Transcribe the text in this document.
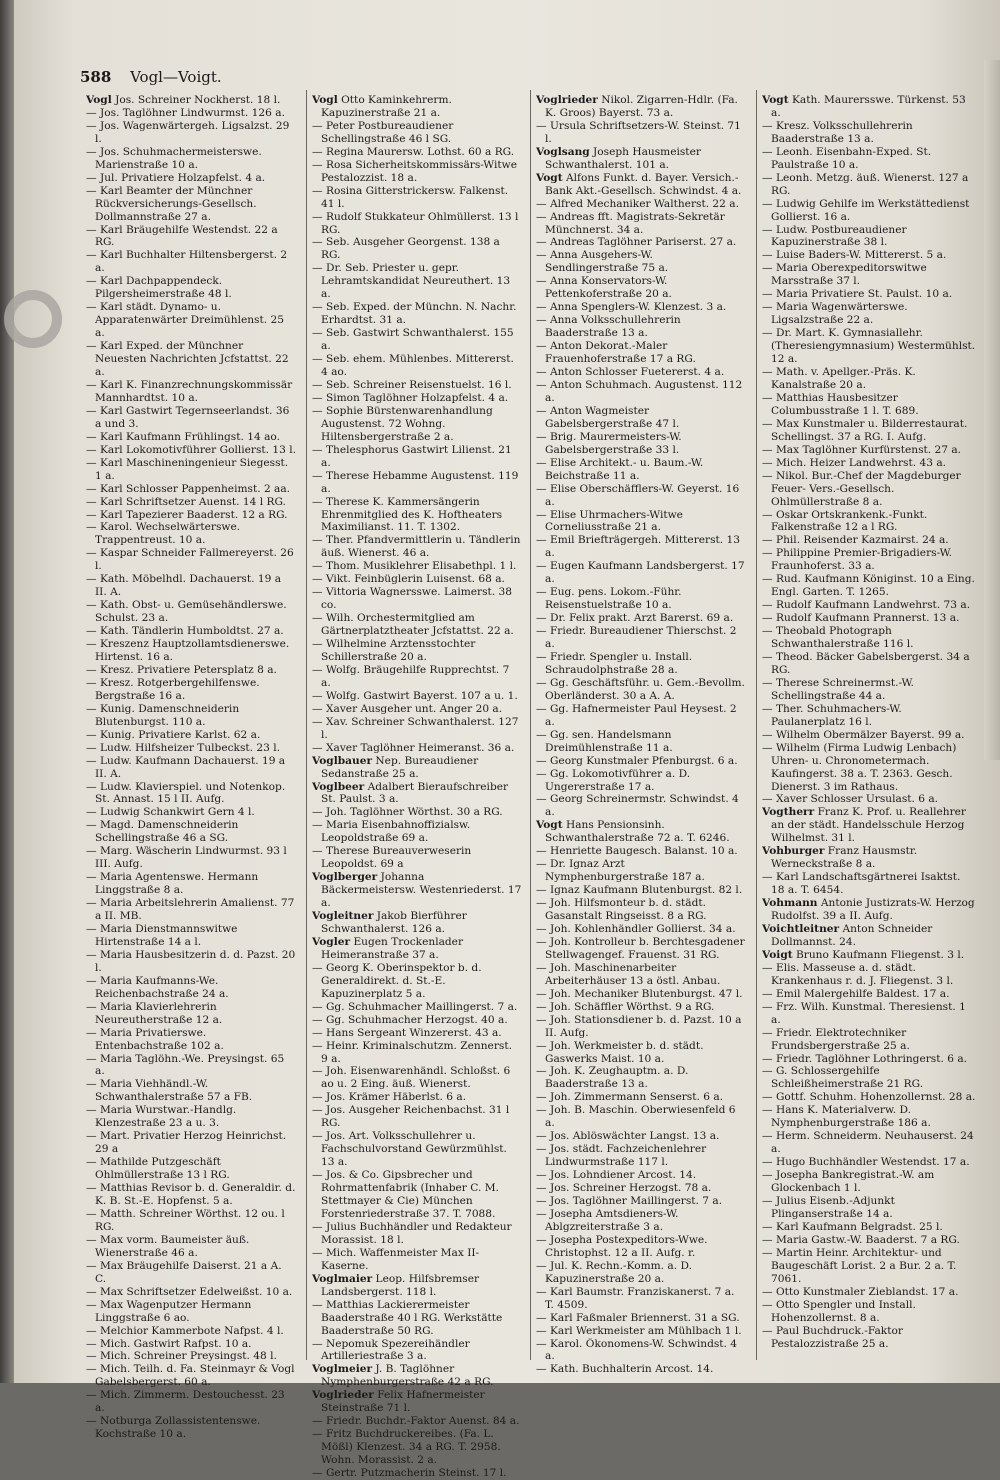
588 Vogl—Voigt.

Vogl Jos. Schreiner Nockherst. 18 l.

— Jos. Taglöhner Lindwurmst. 126 a.

— Jos. Wagenwärtergeh. Ligsalzst. 29 l.

— Jos. Schuhmachermeisterswe. Marienstraße 10 a.

— Jul. Privatiere Holzapfelst. 4 a.

— Karl Beamter der Münchner Rückversicherungs-Gesellsch. Dollmannstraße 27 a.

— Karl Bräugehilfe Westendst. 22 a RG.

— Karl Buchhalter Hiltensbergerst. 2 a.

— Karl Dachpappendeck. Pilgersheimerstraße 48 l.

— Karl städt. Dynamo- u. Apparatenwärter Dreimühlenst. 25 a.

— Karl Exped. der Münchner Neuesten Nachrichten Jcfstattst. 22 a.

— Karl K. Finanzrechnungskommissär Mannhardtst. 10 a.

— Karl Gastwirt Tegernseerlandst. 36 a und 3.

— Karl Kaufmann Frühlingst. 14 ao.

— Karl Lokomotivführer Gollierst. 13 l.

— Karl Maschineningenieur Siegesst. 1 a.

— Karl Schlosser Pappenheimst. 2 aa.

— Karl Schriftsetzer Auenst. 14 l RG.

— Karl Tapezierer Baaderst. 12 a RG.

— Karol. Wechselwärterswe. Trappentreust. 10 a.

— Kaspar Schneider Fallmereyerst. 26 l.

— Kath. Möbelhdl. Dachauerst. 19 a II. A.

— Kath. Obst- u. Gemüsehändlerswe. Schulst. 23 a.

— Kath. Tändlerin Humboldtst. 27 a.

— Kreszenz Hauptzollamtsdienerswe. Hirtenst. 16 a.

— Kresz. Privatiere Petersplatz 8 a.

— Kresz. Rotgerbergehilfenswe. Bergstraße 16 a.

— Kunig. Damenschneiderin Blutenburgst. 110 a.

— Kunig. Privatiere Karlst. 62 a.

— Ludw. Hilfsheizer Tulbeckst. 23 l.

— Ludw. Kaufmann Dachauerst. 19 a II. A.

— Ludw. Klavierspiel. und Notenkop. St. Annast. 15 l II. Aufg.

— Ludwig Schankwirt Gern 4 l.

— Magd. Damenschneiderin Schellingstraße 46 a SG.

— Marg. Wäscherin Lindwurmst. 93 l III. Aufg.

— Maria Agentenswe. Hermann Linggstraße 8 a.

— Maria Arbeitslehrerin Amalienst. 77 a II. MB.

— Maria Dienstmannswitwe Hirtenstraße 14 a l.

— Maria Hausbesitzerin d. d. Pazst. 20 l.

— Maria Kaufmanns-We. Reichenbachstraße 24 a.

— Maria Klavierlehrerin Neureutherstraße 12 a.

— Maria Privatierswe. Entenbachstraße 102 a.

— Maria Taglöhn.-We. Preysingst. 65 a.

— Maria Viehhändl.-W. Schwanthalerstraße 57 a FB.

— Maria Wurstwar.-Handlg. Klenzestraße 23 a u. 3.

— Mart. Privatier Herzog Heinrichst. 29 a

— Mathilde Putzgeschäft Ohlmüllerstraße 13 l RG.

— Matthias Revisor b. d. Generaldir. d. K. B. St.-E. Hopfenst. 5 a.

— Matth. Schreiner Wörthst. 12 ou. l RG.

— Max vorm. Baumeister äuß. Wienerstraße 46 a.

— Max Bräugehilfe Daiserst. 21 a A. C.

— Max Schriftsetzer Edelweißst. 10 a.

— Max Wagenputzer Hermann Linggstraße 6 ao.

— Melchior Kammerbote Nafpst. 4 l.

— Mich. Gastwirt Rafpst. 10 a.

— Mich. Schreiner Preysingst. 48 l.

— Mich. Teilh. d. Fa. Steinmayr & Vogl Gabelsbergerst. 60 a.

— Mich. Zimmerm. Destouchesst. 23 a.

— Notburga Zollassistentenswe. Kochstraße 10 a.

Vogl Otto Kaminkehrerm. Kapuzinerstraße 21 a.

— Peter Postbureaudiener Schellingstraße 46 l SG.

— Regina Maurersw. Lothst. 60 a RG.

— Rosa Sicherheitskommissärs-Witwe Pestalozzist. 18 a.

— Rosina Gitterstrickersw. Falkenst. 41 l.

— Rudolf Stukkateur Ohlmüllerst. 13 l RG.

— Seb. Ausgeher Georgenst. 138 a RG.

— Dr. Seb. Priester u. gepr. Lehramtskandidat Neureuthert. 13 a.

— Seb. Exped. der Münchn. N. Nachr. Erhardtst. 31 a.

— Seb. Gastwirt Schwanthalerst. 155 a.

— Seb. ehem. Mühlenbes. Mittererst. 4 ao.

— Seb. Schreiner Reisenstuelst. 16 l.

— Simon Taglöhner Holzapfelst. 4 a.

— Sophie Bürstenwarenhandlung Augustenst. 72 Wohng. Hiltensbergerstraße 2 a.

— Thelesphorus Gastwirt Lilienst. 21 a.

— Therese Hebamme Augustenst. 119 a.

— Therese K. Kammersängerin Ehrenmitglied des K. Hoftheaters Maximilianst. 11. T. 1302.

— Ther. Pfandvermittlerin u. Tändlerin äuß. Wienerst. 46 a.

— Thom. Musiklehrer Elisabethpl. 1 l.

— Vikt. Feinbüglerin Luisenst. 68 a.

— Vittoria Wagnersswe. Laimerst. 38 co.

— Wilh. Orchestermitglied am Gärtnerplatztheater Jcfstattst. 22 a.

— Wilhelmine Arztensstochter Schillerstraße 20 a.

— Wolfg. Bräugehilfe Rupprechtst. 7 a.

— Wolfg. Gastwirt Bayerst. 107 a u. 1.

— Xaver Ausgeher unt. Anger 20 a.

— Xav. Schreiner Schwanthalerst. 127 l.

— Xaver Taglöhner Heimeranst. 36 a.

Voglbauer Nep. Bureaudiener Sedanstraße 25 a.

Voglbeer Adalbert Bieraufschreiber St. Paulst. 3 a.

— Joh. Taglöhner Wörthst. 30 a RG.

— Maria Eisenbahnoffizialsw. Leopoldstraße 69 a.

— Therese Bureauverweserin Leopoldst. 69 a

Voglberger Johanna Bäckermeistersw. Westenriederst. 17 a.

Vogleitner Jakob Bierführer Schwanthalerst. 126 a.

Vogler Eugen Trockenlader Heimeranstraße 37 a.

— Georg K. Oberinspektor b. d. Generaldirekt. d. St.-E. Kapuzinerplatz 5 a.

— Gg. Schuhmacher Maillingerst. 7 a.

— Gg. Schuhmacher Herzogst. 40 a.

— Hans Sergeant Winzererst. 43 a.

— Heinr. Kriminalschutzm. Zennerst. 9 a.

— Joh. Eisenwarenhändl. Schloßst. 6 ao u. 2 Eing. äuß. Wienerst.

— Jos. Krämer Häberlst. 6 a.

— Jos. Ausgeher Reichenbachst. 31 l RG.

— Jos. Art. Volksschullehrer u. Fachschulvorstand Gewürzmühlst. 13 a.

— Jos. & Co. Gipsbrecher und Rohrmattenfabrik (Inhaber C. M. Stettmayer & Cie) München Forstenriederstraße 37. T. 7088.

— Julius Buchhändler und Redakteur Morassist. 18 l.

— Mich. Waffenmeister Max II-Kaserne.

Voglmaier Leop. Hilfsbremser Landsbergerst. 118 l.

— Matthias Lackierermeister Baaderstraße 40 l RG. Werkstätte Baaderstraße 50 RG.

— Nepomuk Spezereihändler Artilleriestraße 3 a.

Voglmeier J. B. Taglöhner Nymphenburgerstraße 42 a RG.

Voglrieder Felix Hafnermeister Steinstraße 71 l.

— Friedr. Buchdr.-Faktor Auenst. 84 a.

— Fritz Buchdruckereibes. (Fa. L. Mößl) Klenzest. 34 a RG. T. 2958. Wohn. Morassist. 2 a.

— Gertr. Putzmacherin Steinst. 17 l.

Voglrieder Nikol. Zigarren-Hdlr. (Fa. K. Groos) Bayerst. 73 a.

— Ursula Schriftsetzers-W. Steinst. 71 l.

Voglsang Joseph Hausmeister Schwanthalerst. 101 a.

Vogt Alfons Funkt. d. Bayer. Versich.-Bank Akt.-Gesellsch. Schwindst. 4 a.

— Alfred Mechaniker Waltherst. 22 a.

— Andreas fft. Magistrats-Sekretär Münchnerst. 34 a.

— Andreas Taglöhner Pariserst. 27 a.

— Anna Ausgehers-W. Sendlingerstraße 75 a.

— Anna Konservators-W. Pettenkoferstraße 20 a.

— Anna Spenglers-W. Klenzest. 3 a.

— Anna Volksschullehrerin Baaderstraße 13 a.

— Anton Dekorat.-Maler Frauenhoferstraße 17 a RG.

— Anton Schlosser Fuetererst. 4 a.

— Anton Schuhmach. Augustenst. 112 a.

— Anton Wagmeister Gabelsbergerstraße 47 l.

— Brig. Maurermeisters-W. Gabelsbergerstraße 33 l.

— Elise Architekt.- u. Baum.-W. Beichstraße 11 a.

— Elise Oberschäfflers-W. Geyerst. 16 a.

— Elise Uhrmachers-Witwe Corneliusstraße 21 a.

— Emil Briefträgergeh. Mittererst. 13 a.

— Eugen Kaufmann Landsbergerst. 17 a.

— Eug. pens. Lokom.-Führ. Reisenstuelstraße 10 a.

— Dr. Felix prakt. Arzt Barerst. 69 a.

— Friedr. Bureaudiener Thierschst. 2 a.

— Friedr. Spengler u. Install. Schraudolphstraße 28 a.

— Gg. Geschäftsführ. u. Gem.-Bevollm. Oberländerst. 30 a A. A.

— Gg. Hafnermeister Paul Heysest. 2 a.

— Gg. sen. Handelsmann Dreimühlenstraße 11 a.

— Georg Kunstmaler Pfenburgst. 6 a.

— Gg. Lokomotivführer a. D. Ungererstraße 17 a.

— Georg Schreinermstr. Schwindst. 4 a.

Vogt Hans Pensionsinh. Schwanthalerstraße 72 a. T. 6246.

— Henriette Baugesch. Balanst. 10 a.

— Dr. Ignaz Arzt Nymphenburgerstraße 187 a.

— Ignaz Kaufmann Blutenburgst. 82 l.

— Joh. Hilfsmonteur b. d. städt. Gasanstalt Ringseisst. 8 a RG.

— Joh. Kohlenhändler Gollierst. 34 a.

— Joh. Kontrolleur b. Berchtesgadener Stellwagengef. Frauenst. 31 RG.

— Joh. Maschinenarbeiter Arbeiterhäuser 13 a östl. Anbau.

— Joh. Mechaniker Blutenburgst. 47 l.

— Joh. Schäffler Wörthst. 9 a RG.

— Joh. Stationsdiener b. d. Pazst. 10 a II. Aufg.

— Joh. Werkmeister b. d. städt. Gaswerks Maist. 10 a.

— Joh. K. Zeughauptm. a. D. Baaderstraße 13 a.

— Joh. Zimmermann Senserst. 6 a.

— Joh. B. Maschin. Oberwiesenfeld 6 a.

— Jos. Ablöswächter Langst. 13 a.

— Jos. städt. Fachzeichenlehrer Lindwurmstraße 117 l.

— Jos. Lohndiener Arcost. 14.

— Jos. Schreiner Herzogst. 78 a.

— Jos. Taglöhner Maillingerst. 7 a.

— Josepha Amtsdieners-W. Ablgzreiterstraße 3 a.

— Josepha Postexpeditors-Wwe. Christophst. 12 a II. Aufg. r.

— Jul. K. Rechn.-Komm. a. D. Kapuzinerstraße 20 a.

— Karl Baumstr. Franziskanerst. 7 a. T. 4509.

— Karl Faßmaler Briennerst. 31 a SG.

— Karl Werkmeister am Mühlbach 1 l.

— Karol. Ökonomens-W. Schwindst. 4 a.

— Kath. Buchhalterin Arcost. 14.

Vogt Kath. Maurersswe. Türkenst. 53 a.

— Kresz. Volksschullehrerin Baaderstraße 13 a.

— Leonh. Eisenbahn-Exped. St. Paulstraße 10 a.

— Leonh. Metzg. äuß. Wienerst. 127 a RG.

— Ludwig Gehilfe im Werkstättedienst Gollierst. 16 a.

— Ludw. Postbureaudiener Kapuzinerstraße 38 l.

— Luise Baders-W. Mittererst. 5 a.

— Maria Oberexpeditorswitwe Marsstraße 37 l.

— Maria Privatiere St. Paulst. 10 a.

— Maria Wagenwärterswe. Ligsalzstraße 22 a.

— Dr. Mart. K. Gymnasiallehr. (Theresiengymnasium) Westermühlst. 12 a.

— Math. v. Apellger.-Präs. K. Kanalstraße 20 a.

— Matthias Hausbesitzer Columbusstraße 1 l. T. 689.

— Max Kunstmaler u. Bilderrestaurat. Schellingst. 37 a RG. I. Aufg.

— Max Taglöhner Kurfürstenst. 27 a.

— Mich. Heizer Landwehrst. 43 a.

— Nikol. Bur.-Chef der Magdeburger Feuer- Vers.-Gesellsch. Ohlmüllerstraße 8 a.

— Oskar Ortskrankenk.-Funkt. Falkenstraße 12 a l RG.

— Phil. Reisender Kazmairst. 24 a.

— Philippine Premier-Brigadiers-W. Fraunhoferst. 33 a.

— Rud. Kaufmann Königinst. 10 a Eing. Engl. Garten. T. 1265.

— Rudolf Kaufmann Landwehrst. 73 a.

— Rudolf Kaufmann Prannerst. 13 a.

— Theobald Photograph Schwanthalerstraße 116 l.

— Theod. Bäcker Gabelsbergerst. 34 a RG.

— Therese Schreinermst.-W. Schellingstraße 44 a.

— Ther. Schuhmachers-W. Paulanerplatz 16 l.

— Wilhelm Obermälzer Bayerst. 99 a.

— Wilhelm (Firma Ludwig Lenbach) Uhren- u. Chronometermach. Kaufingerst. 38 a. T. 2363. Gesch. Dienerst. 3 im Rathaus.

— Xaver Schlosser Ursulast. 6 a.

Vogtherr Franz K. Prof. u. Reallehrer an der städt. Handelsschule Herzog Wilhelmst. 31 l.

Vohburger Franz Hausmstr. Werneckstraße 8 a.

— Karl Landschaftsgärtnerei Isaktst. 18 a. T. 6454.

Vohmann Antonie Justizrats-W. Herzog Rudolfst. 39 a II. Aufg.

Voichtleitner Anton Schneider Dollmannst. 24.

Voigt Bruno Kaufmann Fliegenst. 3 l.

— Elis. Masseuse a. d. städt. Krankenhaus r. d. J. Fliegenst. 3 l.

— Emil Malergehilfe Baldest. 17 a.

— Frz. Wilh. Kunstmal. Theresienst. 1 a.

— Friedr. Elektrotechniker Frundsbergerstraße 25 a.

— Friedr. Taglöhner Lothringerst. 6 a.

— G. Schlossergehilfe Schleißheimerstraße 21 RG.

— Gottf. Schuhm. Hohenzollernst. 28 a.

— Hans K. Materialverw. D. Nymphenburgerstraße 186 a.

— Herm. Schneiderm. Neuhauserst. 24 a.

— Hugo Buchhändler Westendst. 17 a.

— Josepha Bankregistrat.-W. am Glockenbach 1 l.

— Julius Eisenb.-Adjunkt Plinganserstraße 14 a.

— Karl Kaufmann Belgradst. 25 l.

— Maria Gastw.-W. Baaderst. 7 a RG.

— Martin Heinr. Architektur- und Baugeschäft Lorist. 2 a Bur. 2 a. T. 7061.

— Otto Kunstmaler Zieblandst. 17 a.

— Otto Spengler und Install. Hohenzollernst. 8 a.

— Paul Buchdruck.-Faktor Pestalozzistraße 25 a.
